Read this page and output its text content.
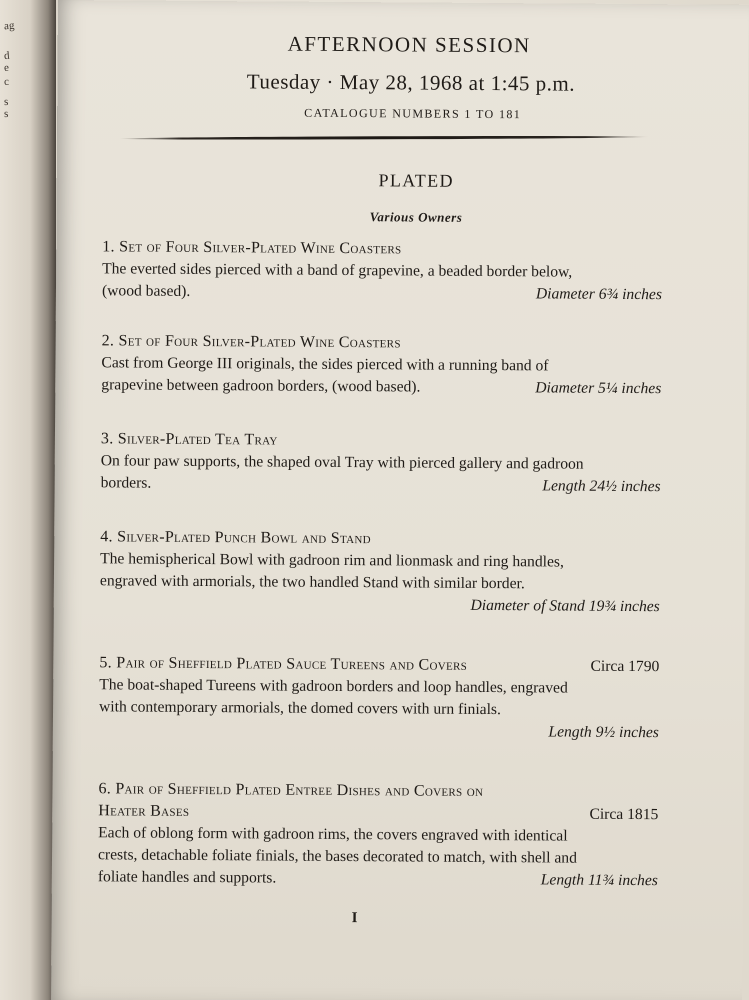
ag
d
e
c
s
s
AFTERNOON SESSION
Tuesday · May 28, 1968 at 1:45 p.m.
CATALOGUE NUMBERS 1 TO 181
PLATED
Various Owners
1. Set of Four Silver-Plated Wine Coasters
The everted sides pierced with a band of grapevine, a beaded border below,
(wood based).	Diameter 6¾ inches
2. Set of Four Silver-Plated Wine Coasters
Cast from George III originals, the sides pierced with a running band of
grapevine between gadroon borders, (wood based).	Diameter 5¼ inches
3. Silver-Plated Tea Tray
On four paw supports, the shaped oval Tray with pierced gallery and gadroon
borders.	Length 24½ inches
4. Silver-Plated Punch Bowl and Stand
The hemispherical Bowl with gadroon rim and lionmask and ring handles,
engraved with armorials, the two handled Stand with similar border.
Diameter of Stand 19¾ inches
5. Pair of Sheffield Plated Sauce Tureens and Covers	Circa 1790
The boat-shaped Tureens with gadroon borders and loop handles, engraved
with contemporary armorials, the domed covers with urn finials.
Length 9½ inches
6. Pair of Sheffield Plated Entree Dishes and Covers on
Heater Bases	Circa 1815
Each of oblong form with gadroon rims, the covers engraved with identical
crests, detachable foliate finials, the bases decorated to match, with shell and
foliate handles and supports.	Length 11¾ inches
I
